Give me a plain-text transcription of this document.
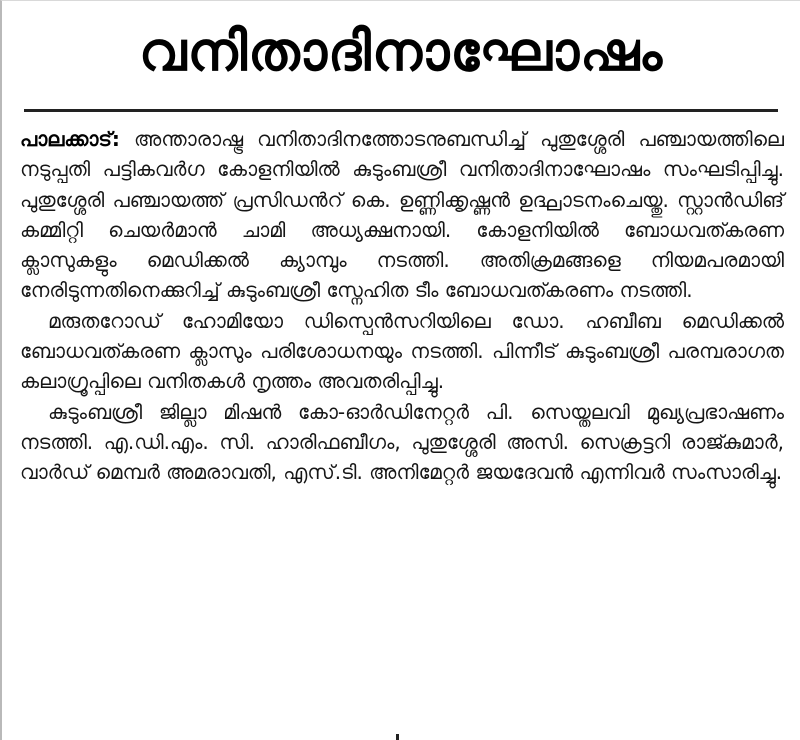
വനിതാദിനാഘോഷം

പാലക്കാട്: അന്താരാഷ്ട്ര വനിതാദിനത്തോടനുബന്ധിച്ച് പുതുശ്ശേരി പഞ്ചായത്തിലെ നടുപ്പതി പട്ടികവർഗ കോളനിയിൽ കുടുംബശ്രീ വനിതാദിനാഘോഷം സംഘടിപ്പിച്ചു. പുതുശ്ശേരി പഞ്ചായത്ത് പ്രസിഡൻറ് കെ. ഉണ്ണിക്കൃഷ്ണൻ ഉദ്ഘാടനംചെയ്തു. സ്റ്റാൻഡിങ് കമ്മിറ്റി ചെയർമാൻ ചാമി അധ്യക്ഷനായി. കോളനിയിൽ ബോധവത്കരണ ക്ലാസുകളും മെഡിക്കൽ ക്യാമ്പും നടത്തി. അതിക്രമങ്ങളെ നിയമപരമായി നേരിടുന്നതിനെക്കുറിച്ച് കുടുംബശ്രീ സ്നേഹിത ടീം ബോധവത്കരണം നടത്തി.

മരുതറോഡ് ഹോമിയോ ഡിസ്പെൻസറിയിലെ ഡോ. ഹബീബ മെഡിക്കൽ ബോധവത്കരണ ക്ലാസും പരിശോധനയും നടത്തി. പിന്നീട് കുടുംബശ്രീ പരമ്പരാഗത കലാഗ്രൂപ്പിലെ വനിതകൾ നൃത്തം അവതരിപ്പിച്ചു.

കുടുംബശ്രീ ജില്ലാ മിഷൻ കോ-ഓർഡിനേറ്റർ പി. സെയ്തലവി മുഖ്യപ്രഭാഷണം നടത്തി. എ.ഡി.എം. സി. ഹാരിഫബീഗം, പുതുശ്ശേരി അസി. സെക്രട്ടറി രാജ്കുമാർ, വാർഡ് മെമ്പർ അമരാവതി, എസ്.ടി. അനിമേറ്റർ ജയദേവൻ എന്നിവർ സംസാരിച്ചു.
